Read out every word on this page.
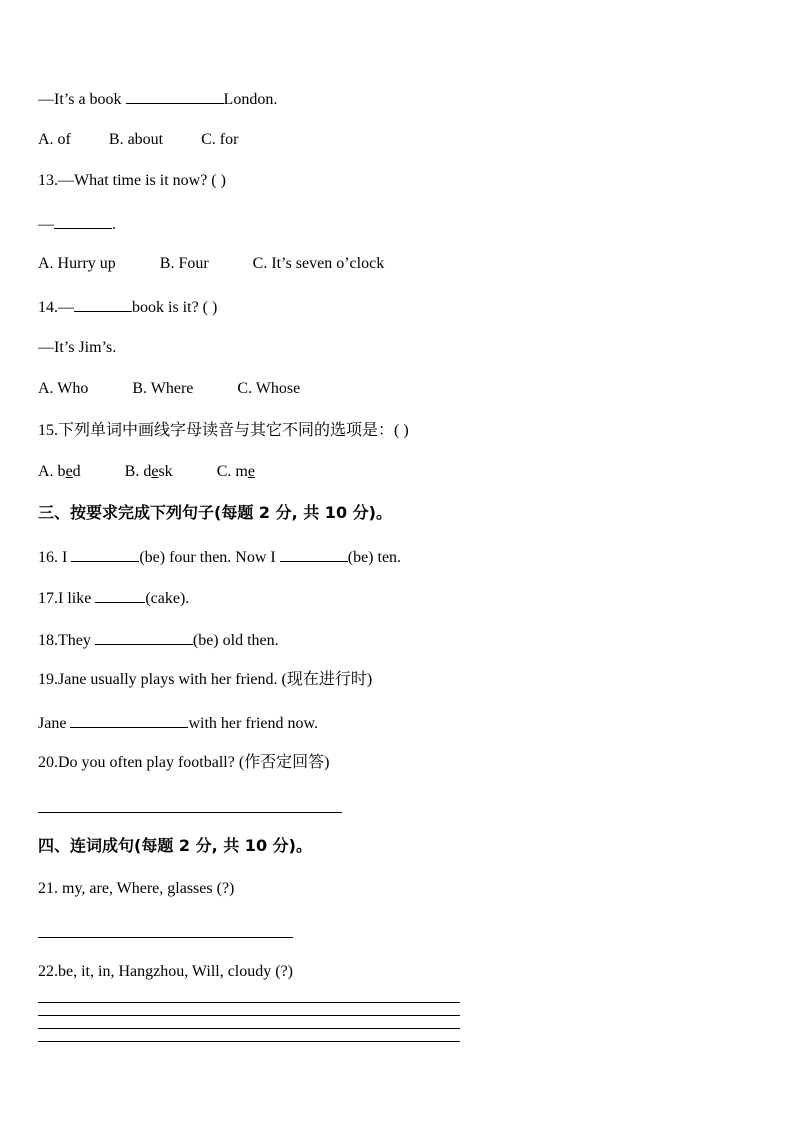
—It’s a book	London.
A. of B. about C. for
13.—What time is it now? ( )
—	.
A. Hurry up	B. Four	C. It’s seven o’clock
14.—	book is it? ( )
—It’s Jim’s.
A. Who	B. Where	C. Whose
15.下列单词中画线字母读音与其它不同的选项是：( )
A. bed	B. desk	C. me
三、按要求完成下列句子(每题 2 分, 共 10 分)。
16. I	(be) four then. Now I	(be) ten.
17.I like	(cake).
18.They	(be) old then.
19.Jane usually plays with her friend. (现在进行时)
Jane	with her friend now.
20.Do you often play football? (作否定回答)
四、连词成句(每题 2 分, 共 10 分)。
21. my, are, Where, glasses (?)
22.be, it, in, Hangzhou, Will, cloudy (?)
